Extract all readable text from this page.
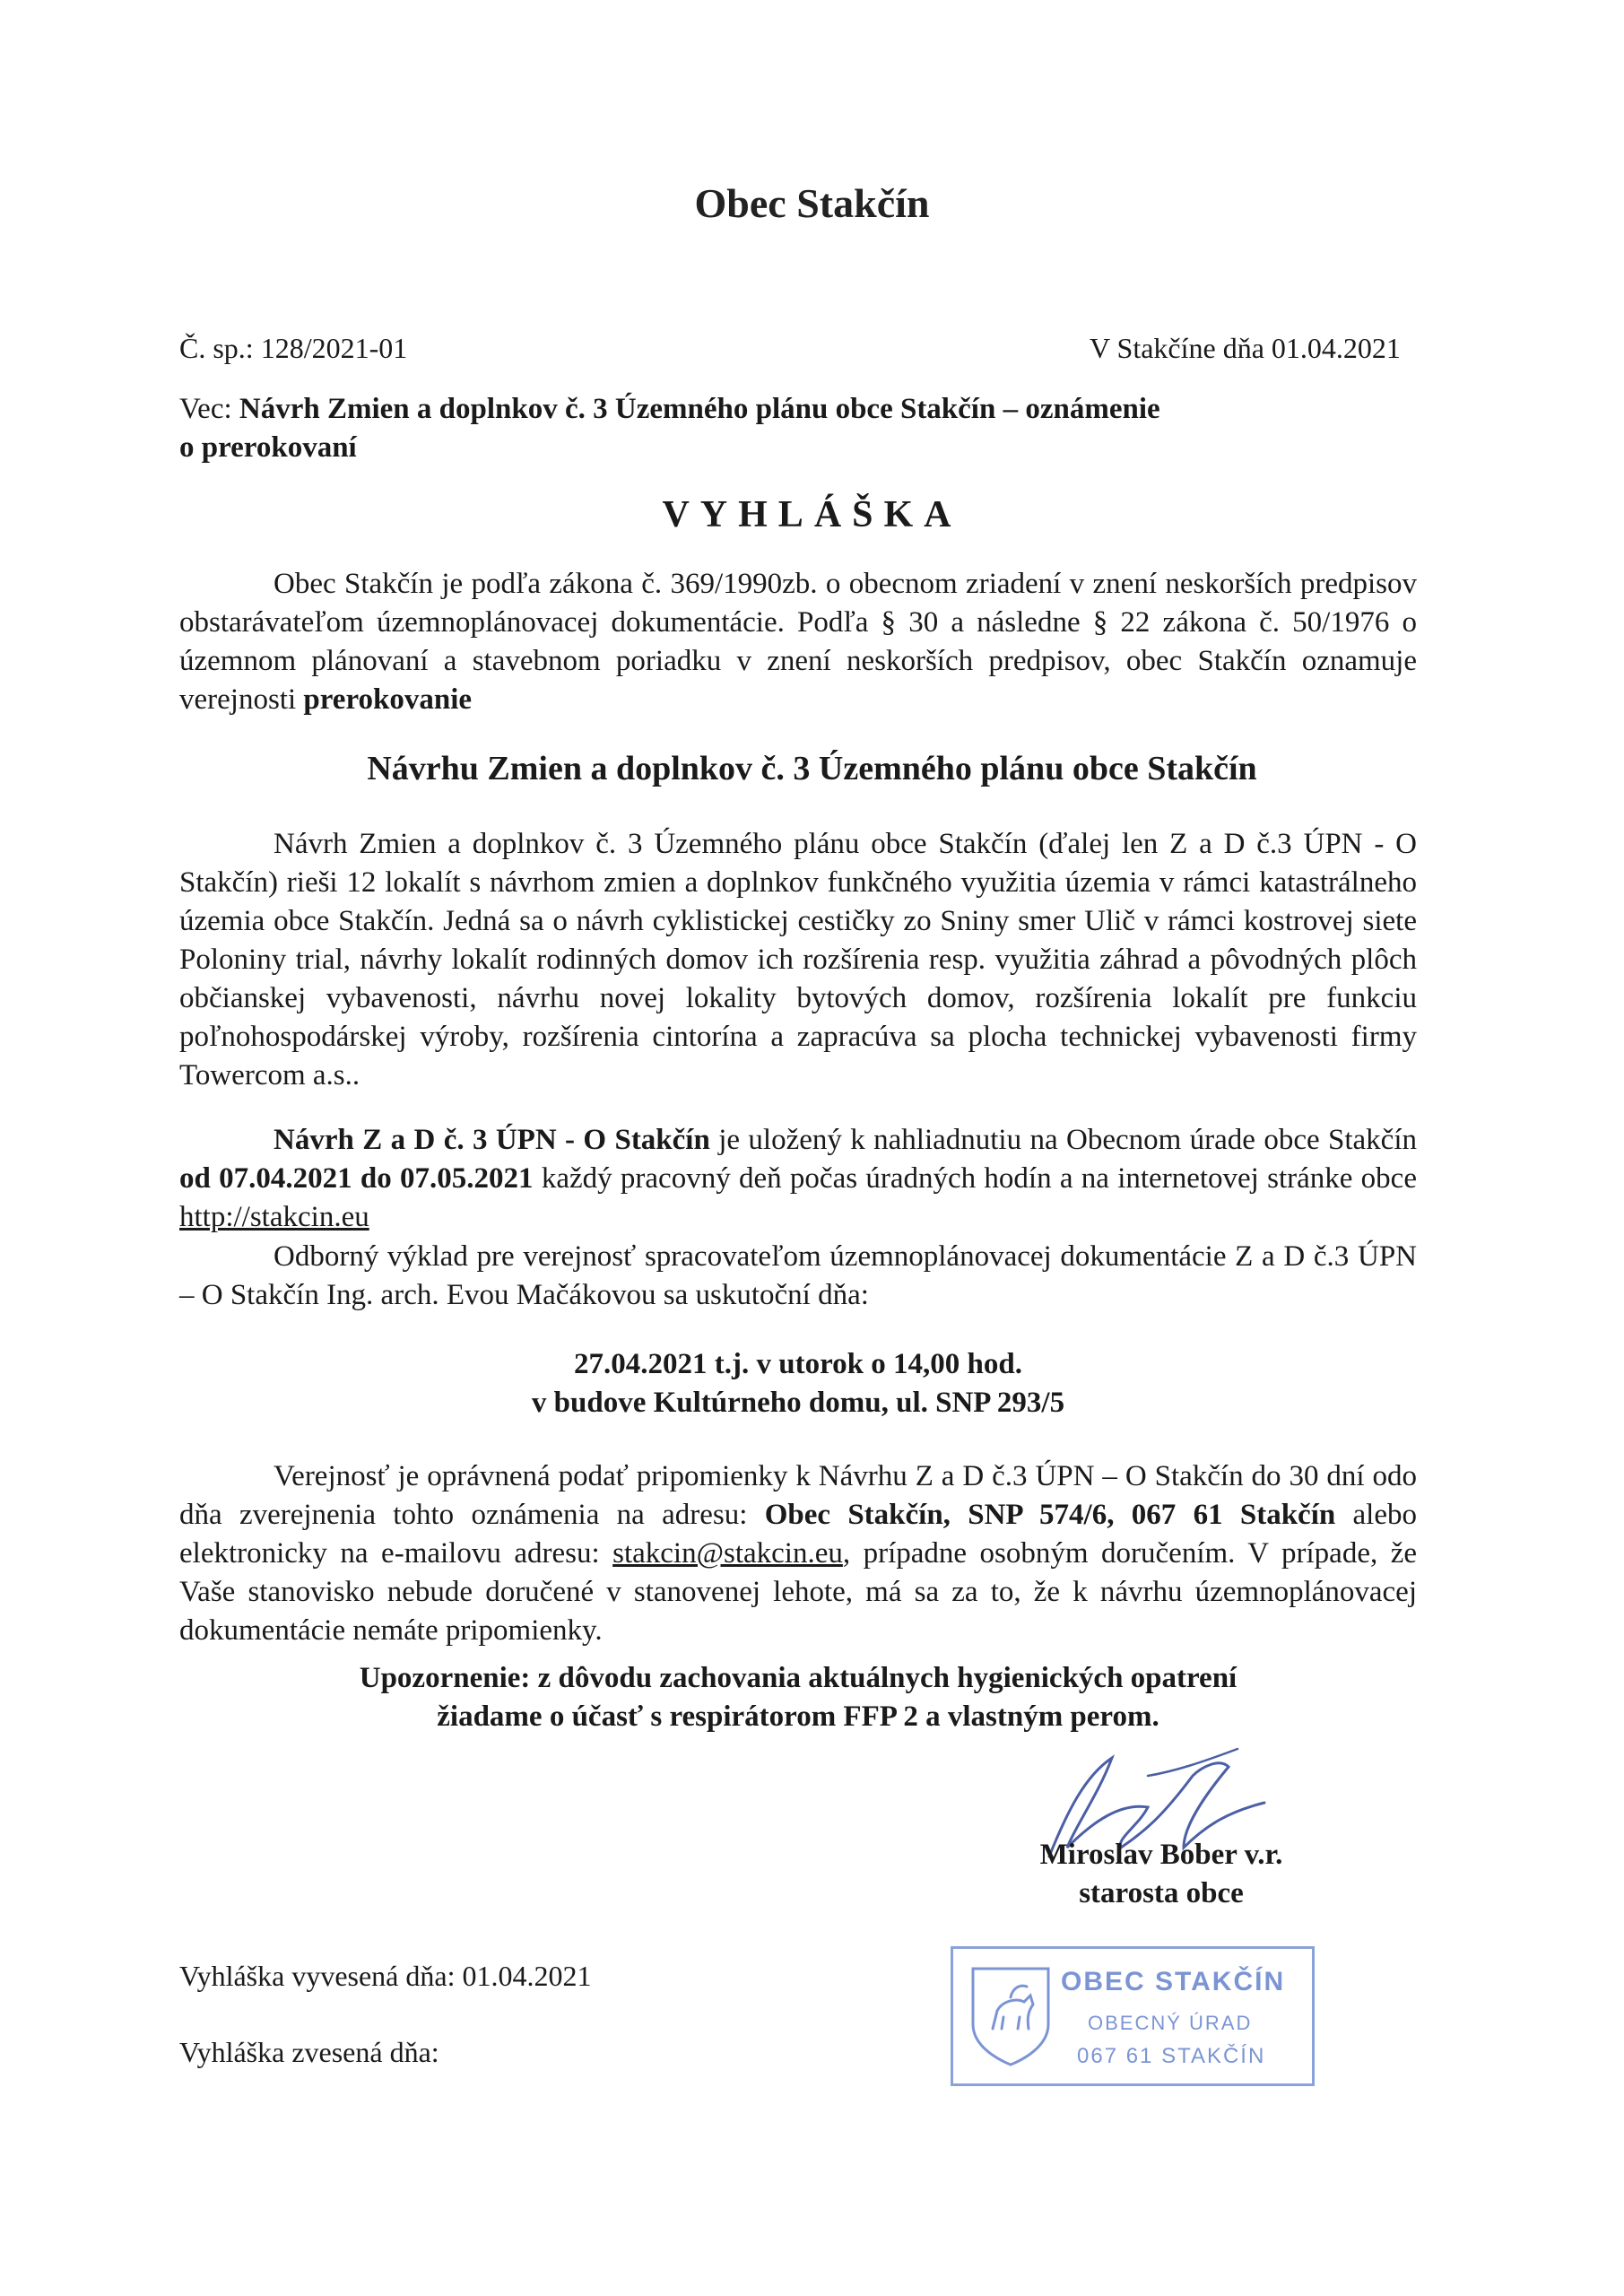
Obec Stakčín
Č. sp.: 128/2021-01	V Stakčíne dňa 01.04.2021
Vec: Návrh Zmien a doplnkov č. 3 Územného plánu obce Stakčín – oznámenie
o prerokovaní
VYHLÁŠKA
Obec Stakčín je podľa zákona č. 369/1990zb. o obecnom zriadení v znení neskorších predpisov obstarávateľom územnoplánovacej dokumentácie. Podľa § 30 a následne § 22 zákona č. 50/1976 o územnom plánovaní a stavebnom poriadku v znení neskorších predpisov, obec Stakčín oznamuje verejnosti prerokovanie
Návrhu Zmien a doplnkov č. 3 Územného plánu obce Stakčín
Návrh Zmien a doplnkov č. 3 Územného plánu obce Stakčín (ďalej len Z a D č.3 ÚPN - O Stakčín) rieši 12 lokalít s návrhom zmien a doplnkov funkčného využitia územia v rámci katastrálneho územia obce Stakčín. Jedná sa o návrh cyklistickej cestičky zo Sniny smer Ulič v rámci kostrovej siete Poloniny trial, návrhy lokalít rodinných domov ich rozšírenia resp. využitia záhrad a pôvodných plôch občianskej vybavenosti, návrhu novej lokality bytových domov, rozšírenia lokalít pre funkciu poľnohospodárskej výroby, rozšírenia cintorína a zapracúva sa plocha technickej vybavenosti firmy Towercom a.s..
Návrh Z a D č. 3 ÚPN - O Stakčín je uložený k nahliadnutiu na Obecnom úrade obce Stakčín od 07.04.2021 do 07.05.2021 každý pracovný deň počas úradných hodín a na internetovej stránke obce http://stakcin.eu
Odborný výklad pre verejnosť spracovateľom územnoplánovacej dokumentácie Z a D č.3 ÚPN – O Stakčín Ing. arch. Evou Mačákovou sa uskutoční dňa:
27.04.2021 t.j. v utorok o 14,00 hod.
v budove Kultúrneho domu, ul. SNP 293/5
Verejnosť je oprávnená podať pripomienky k Návrhu Z a D č.3 ÚPN – O Stakčín do 30 dní odo dňa zverejnenia tohto oznámenia na adresu: Obec Stakčín, SNP 574/6, 067 61 Stakčín alebo elektronicky na e-mailovu adresu: stakcin@stakcin.eu, prípadne osobným doručením. V prípade, že Vaše stanovisko nebude doručené v stanovenej lehote, má sa za to, že k návrhu územnoplánovacej dokumentácie nemáte pripomienky.
Upozornenie: z dôvodu zachovania aktuálnych hygienických opatrení
žiadame o účasť s respirátorom FFP 2 a vlastným perom.
Miroslav Bober v.r.
starosta obce
Vyhláška vyvesená dňa: 01.04.2021
Vyhláška zvesená dňa:
OBEC STAKČÍN
OBECNÝ ÚRAD
067 61 STAKČÍN
